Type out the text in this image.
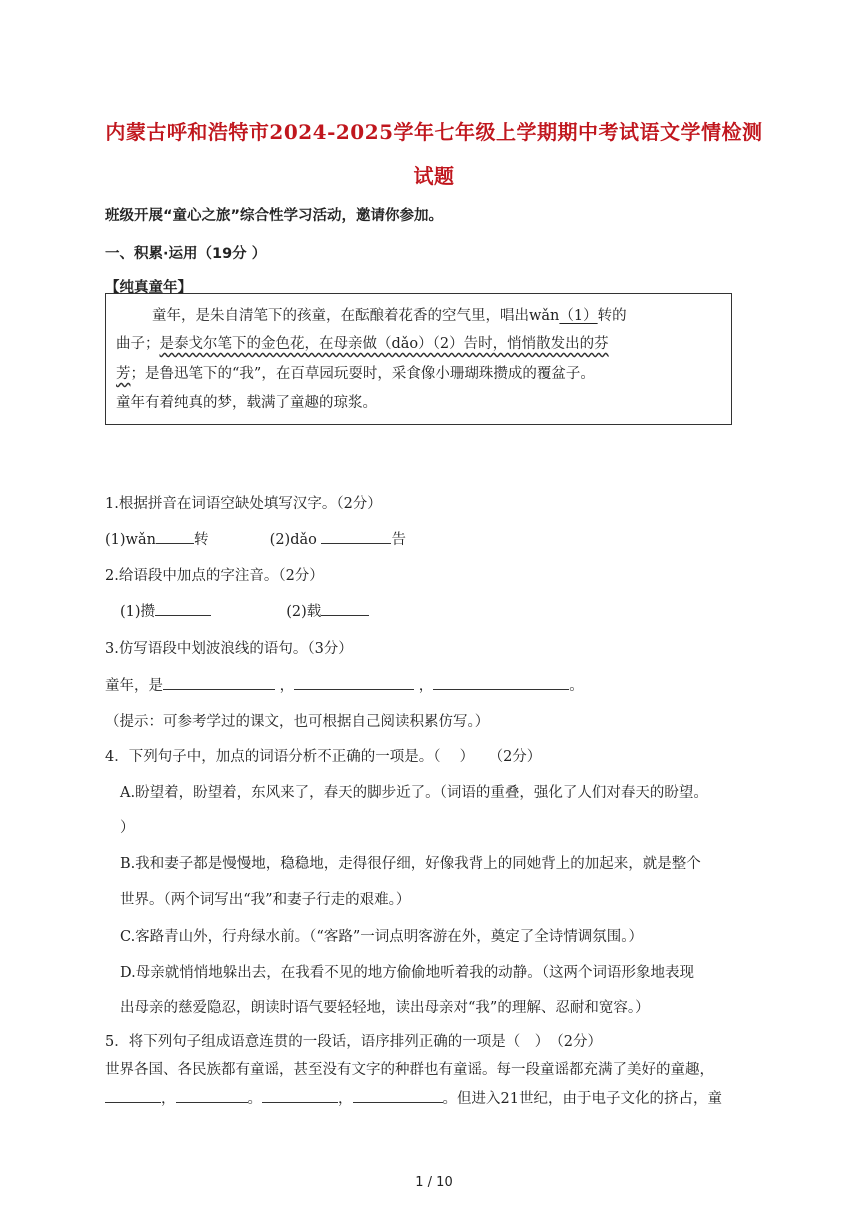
内蒙古呼和浩特市2024-2025学年七年级上学期期中考试语文学情检测
试题
班级开展“童心之旅”综合性学习活动，邀请你参加。
一、积累·运用（19分 ）
【纯真童年】
童年，是朱自清笔下的孩童，在酝酿着花香的空气里，唱出wǎn（1）转的
曲子；是泰戈尔笔下的金色花，在母亲做（dǎo）（2）告时，悄悄散发出的芬
芳；是鲁迅笔下的“我”，在百草园玩耍时，采食像小珊瑚珠攒成的覆盆子。
童年有着纯真的梦，载满了童趣的琼浆。
1.根据拼音在词语空缺处填写汉字。（2分）
(1)wǎn	转	(2)dǎo	告
2.给语段中加点的字注音。（2分）
(1)攒	(2)载
3.仿写语段中划波浪线的语句。（3分）
童年，是	，	，	。
（提示：可参考学过的课文，也可根据自己阅读积累仿写。）
4．下列句子中，加点的词语分析不正确的一项是。（　 ）　　（2分）
A.盼望着，盼望着，东风来了，春天的脚步近了。（词语的重叠，强化了人们对春天的盼望。
）
B.我和妻子都是慢慢地，稳稳地，走得很仔细，好像我背上的同她背上的加起来，就是整个
世界。（两个词写出“我”和妻子行走的艰难。）
C.客路青山外，行舟绿水前。（“客路”一词点明客游在外，奠定了全诗情调氛围。）
D.母亲就悄悄地躲出去，在我看不见的地方偷偷地听着我的动静。（这两个词语形象地表现
出母亲的慈爱隐忍，朗读时语气要轻轻地，读出母亲对“我”的理解、忍耐和宽容。）
5．将下列句子组成语意连贯的一段话，语序排列正确的一项是（　）　（2分）
世界各国、各民族都有童谣，甚至没有文字的种群也有童谣。每一段童谣都充满了美好的童趣，
，	。	，	。但进入21世纪，由于电子文化的挤占，童
1 / 10
